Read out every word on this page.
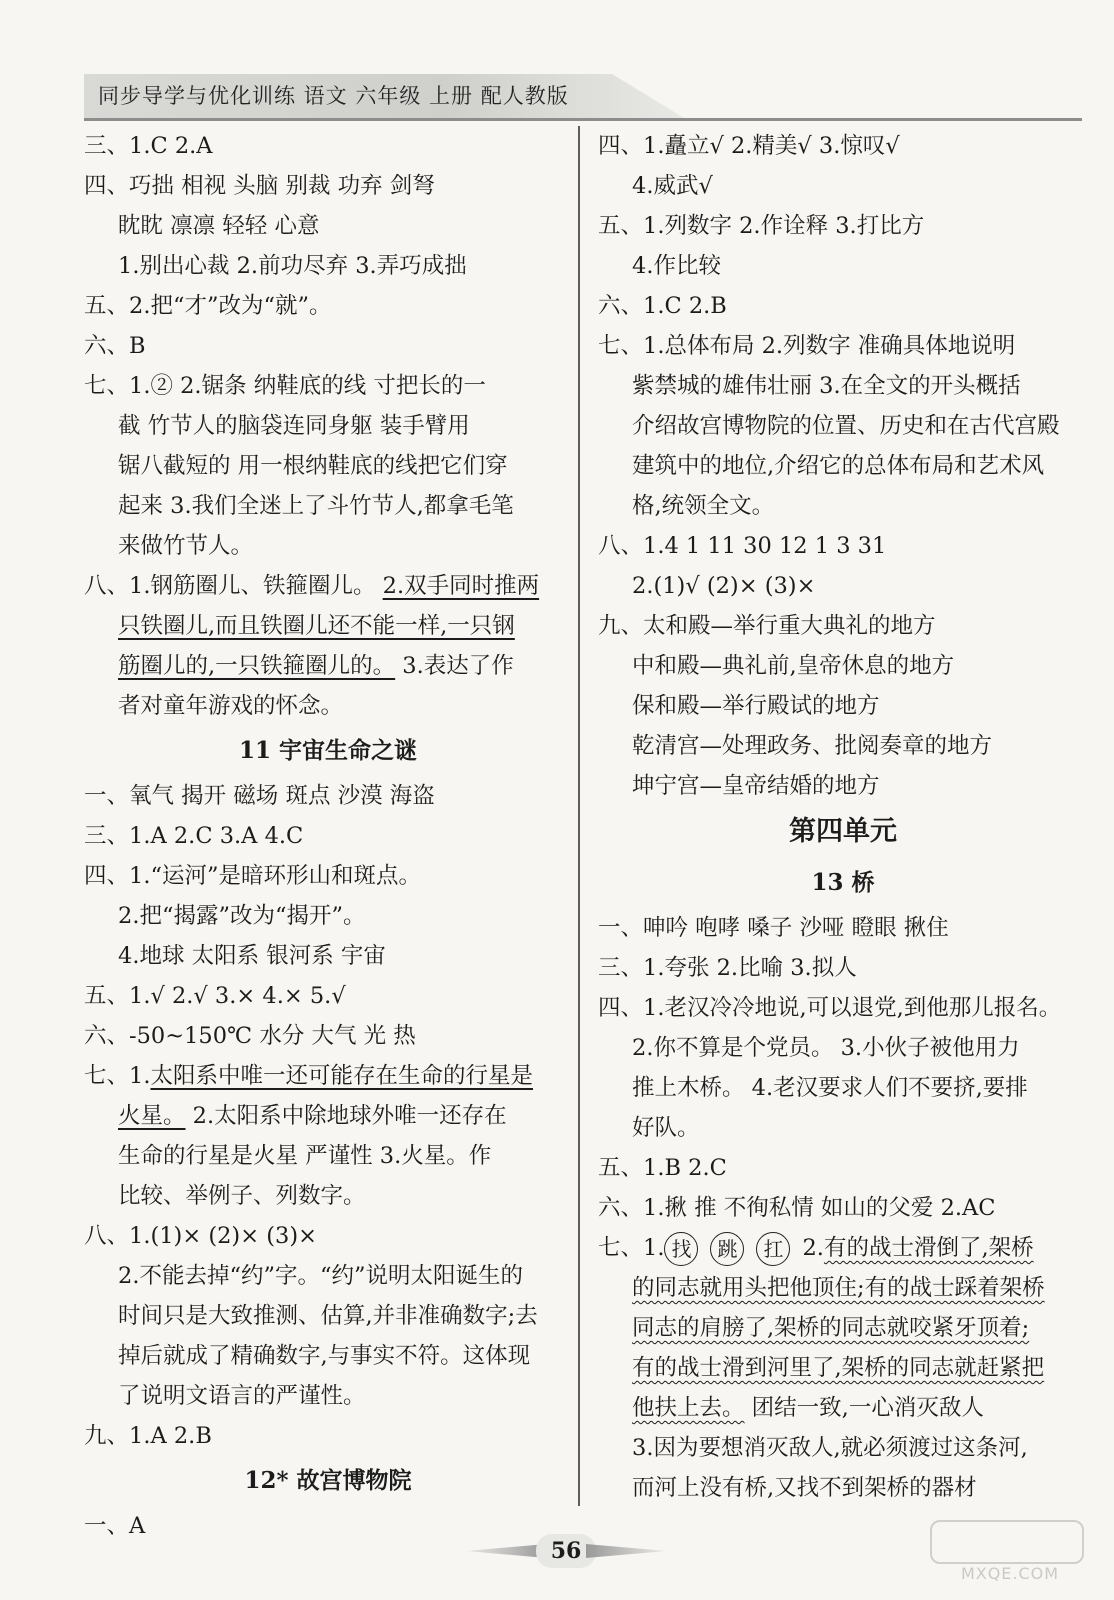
同步导学与优化训练 语文 六年级 上册 配人教版
三、1.C 2.A
四、巧拙 相视 头脑 别裁 功弃 剑弩
眈眈 凛凛 轻轻 心意
1.别出心裁 2.前功尽弃 3.弄巧成拙
五、2.把“才”改为“就”。
六、B
七、1.② 2.锯条 纳鞋底的线 寸把长的一
截 竹节人的脑袋连同身躯 装手臂用
锯八截短的 用一根纳鞋底的线把它们穿
起来 3.我们全迷上了斗竹节人,都拿毛笔
来做竹节人。
八、1.钢筋圈儿、铁箍圈儿。 2.双手同时推两
只铁圈儿,而且铁圈儿还不能一样,一只钢
筋圈儿的,一只铁箍圈儿的。 3.表达了作
者对童年游戏的怀念。
11 宇宙生命之谜
一、氧气 揭开 磁场 斑点 沙漠 海盗
三、1.A 2.C 3.A 4.C
四、1.“运河”是暗环形山和斑点。
2.把“揭露”改为“揭开”。
4.地球 太阳系 银河系 宇宙
五、1.√ 2.√ 3.× 4.× 5.√
六、-50~150℃ 水分 大气 光 热
七、1.太阳系中唯一还可能存在生命的行星是
火星。 2.太阳系中除地球外唯一还存在
生命的行星是火星 严谨性 3.火星。作
比较、举例子、列数字。
八、1.(1)× (2)× (3)×
2.不能去掉“约”字。“约”说明太阳诞生的
时间只是大致推测、估算,并非准确数字;去
掉后就成了精确数字,与事实不符。这体现
了说明文语言的严谨性。
九、1.A 2.B
12* 故宫博物院
一、A
四、1.矗立√ 2.精美√ 3.惊叹√
4.威武√
五、1.列数字 2.作诠释 3.打比方
4.作比较
六、1.C 2.B
七、1.总体布局 2.列数字 准确具体地说明
紫禁城的雄伟壮丽 3.在全文的开头概括
介绍故宫博物院的位置、历史和在古代宫殿
建筑中的地位,介绍它的总体布局和艺术风
格,统领全文。
八、1.4 1 11 30 12 1 3 31
2.(1)√ (2)× (3)×
九、太和殿—举行重大典礼的地方
中和殿—典礼前,皇帝休息的地方
保和殿—举行殿试的地方
乾清宫—处理政务、批阅奏章的地方
坤宁宫—皇帝结婚的地方
第四单元
13 桥
一、呻吟 咆哮 嗓子 沙哑 瞪眼 揪住
三、1.夸张 2.比喻 3.拟人
四、1.老汉冷冷地说,可以退党,到他那儿报名。
2.你不算是个党员。 3.小伙子被他用力
推上木桥。 4.老汉要求人们不要挤,要排
好队。
五、1.B 2.C
六、1.揪 推 不徇私情 如山的父爱 2.AC
七、1. 找 跳 扛 2.有的战士滑倒了,架桥
的同志就用头把他顶住;有的战士踩着架桥
同志的肩膀了,架桥的同志就咬紧牙顶着;
有的战士滑到河里了,架桥的同志就赶紧把
他扶上去。 团结一致,一心消灭敌人
3.因为要想消灭敌人,就必须渡过这条河,
而河上没有桥,又找不到架桥的器材
56
MXQE.COM
